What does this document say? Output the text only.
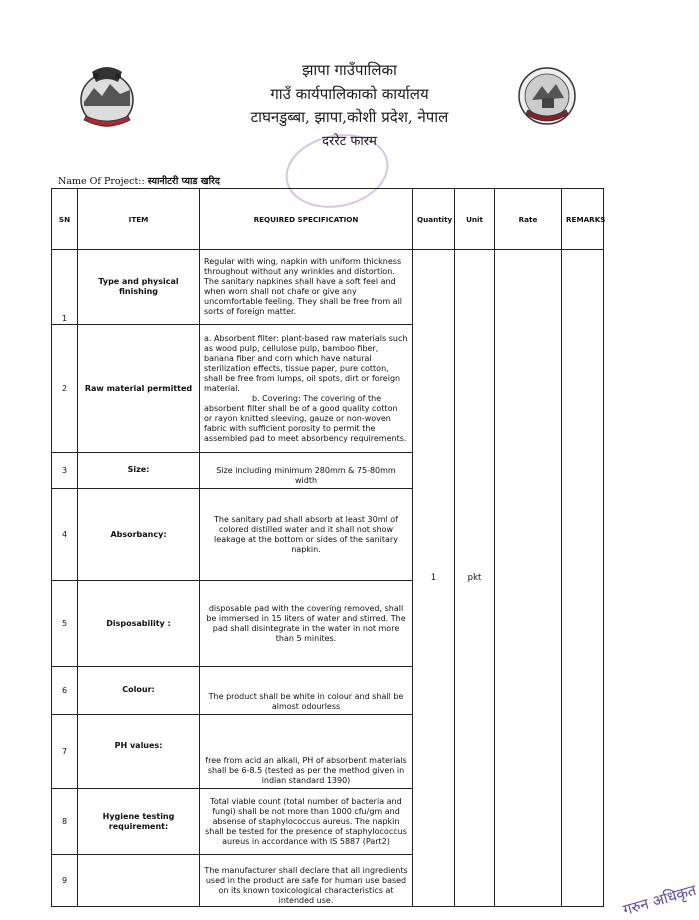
झापा गाउँपालिका
गाउँ कार्यपालिकाको कार्यालय
टाघनडुब्बा, झापा,कोशी प्रदेश, नेपाल
दररेट फारम
Name Of Project:: स्यानीटरी प्याड खरिद
SN	ITEM	REQUIRED SPECIFICATION	Quantity	Unit	Rate	REMARKS
1	Type and physical finishing	Regular with wing, napkin with uniform thickness throughout without any wrinkles and distortion. The sanitary napkines shall have a soft feel and when worn shall not chafe or give any uncomfortable feeling. They shall be free from all sorts of foreign matter.	1	pkt		
2	Raw material permitted	a. Absorbent filter: plant-based raw materials such as wood pulp, cellulose pulp, bamboo fiber, banana fiber and corn which have natural sterilization effects, tissue paper, pure cotton, shall be free from lumps, oil spots, dirt or foreign material.
b. Covering: The covering of the absorbent filter shall be of a good quality cotton or rayon knitted sleeving, gauze or non-woven fabric with sufficient porosity to permit the assembled pad to meet absorbency requirements.				

3	Size:	Size including minimum 280mm & 75-80mm width				
4	Absorbancy:	The sanitary pad shall absorb at least 30ml of colored distilled water and it shall not show leakage at the bottom or sides of the sanitary napkin.				
5	Disposability :	disposable pad with the covering removed, shall be immersed in 15 liters of water and stirred. The pad shall disintegrate in the water in not more than 5 minites.				
6	Colour:	The product shall be white in colour and shall be almost odourless				
7	PH values:	free from acid an alkali, PH of absorbent materials shall be 6-8.5 (tested as per the method given in indian standard 1390)				
8	Hygiene testing requirement:	Total viable count (total number of bacteria and fungi) shall be not more than 1000 cfu/gm and absense of staphylococcus aureus. The napkin shall be tested for the presence of staphylococcus aureus in accordance with IS 5887 (Part2)				
9		The manufacturer shall declare that all ingredients used in the product are safe for human use based on its known toxicological characteristics at intended use.					गरुन अधिकृत
